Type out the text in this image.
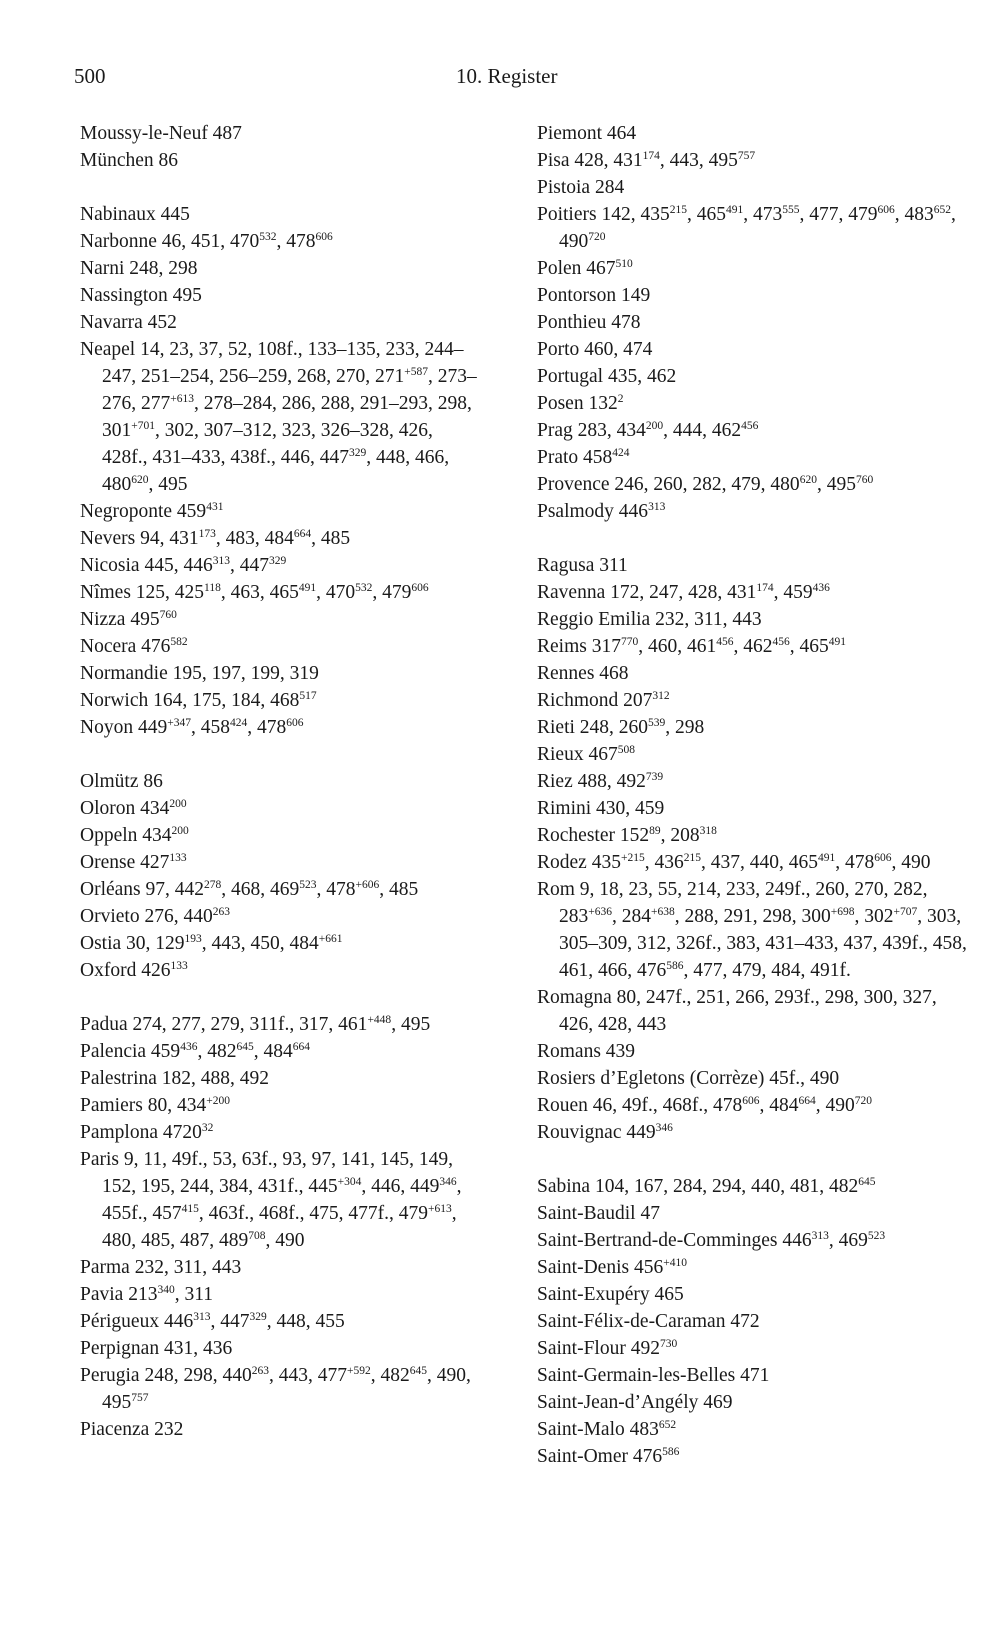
500	10. Register
Moussy-le-Neuf 487
München 86
Nabinaux 445
Narbonne 46, 451, $470^{532}$, $478^{606}$
Narni 248, 298
Nassington 495
Navarra 452
Neapel 14, 23, 37, 52, 108f., 133–135, 233, 244–247, 251–254, 256–259, 268, 270, $271^{+587}$, 273–276, $277^{+613}$, 278–284, 286, 288, 291–293, 298, $301^{+701}$, 302, 307–312, 323, 326–328, 426, 428f., 431–433, 438f., 446, $447^{329}$, 448, 466, $480^{620}$, 495
Negroponte $459^{431}$
Nevers 94, $431^{173}$, 483, $484^{664}$, 485
Nicosia 445, $446^{313}$, $447^{329}$
Nîmes 125, $425^{118}$, 463, $465^{491}$, $470^{532}$, $479^{606}$
Nizza $495^{760}$
Nocera $476^{582}$
Normandie 195, 197, 199, 319
Norwich 164, 175, 184, $468^{517}$
Noyon $449^{+347}$, $458^{424}$, $478^{606}$
Olmütz 86
Oloron $434^{200}$
Oppeln $434^{200}$
Orense $427^{133}$
Orléans 97, $442^{278}$, 468, $469^{523}$, $478^{+606}$, 485
Orvieto 276, $440^{263}$
Ostia 30, $129^{193}$, 443, 450, $484^{+661}$
Oxford $426^{133}$
Padua 274, 277, 279, 311f., 317, $461^{+448}$, 495
Palencia $459^{436}$, $482^{645}$, $484^{664}$
Palestrina 182, 488, 492
Pamiers 80, $434^{+200}$
Pamplona 4720$^{32}$
Paris 9, 11, 49f., 53, 63f., 93, 97, 141, 145, 149, 152, 195, 244, 384, 431f., $445^{+304}$, 446, $449^{346}$, 455f., $457^{415}$, 463f., 468f., 475, 477f., $479^{+613}$, 480, 485, 487, $489^{708}$, 490
Parma 232, 311, 443
Pavia $213^{340}$, 311
Périgueux $446^{313}$, $447^{329}$, 448, 455
Perpignan 431, 436
Perugia 248, 298, $440^{263}$, 443, $477^{+592}$, $482^{645}$, 490, $495^{757}$
Piacenza 232
Piemont 464
Pisa 428, $431^{174}$, 443, $495^{757}$
Pistoia 284
Poitiers 142, $435^{215}$, $465^{491}$, $473^{555}$, 477, $479^{606}$, $483^{652}$, $490^{720}$
Polen $467^{510}$
Pontorson 149
Ponthieu 478
Porto 460, 474
Portugal 435, 462
Posen $132^2$
Prag 283, $434^{200}$, 444, $462^{456}$
Prato $458^{424}$
Provence 246, 260, 282, 479, $480^{620}$, $495^{760}$
Psalmody $446^{313}$
Ragusa 311
Ravenna 172, 247, 428, $431^{174}$, $459^{436}$
Reggio Emilia 232, 311, 443
Reims $317^{770}$, 460, $461^{456}$, $462^{456}$, $465^{491}$
Rennes 468
Richmond $207^{312}$
Rieti 248, $260^{539}$, 298
Rieux $467^{508}$
Riez 488, $492^{739}$
Rimini 430, 459
Rochester $152^{89}$, $208^{318}$
Rodez $435^{+215}$, $436^{215}$, 437, 440, $465^{491}$, $478^{606}$, 490
Rom 9, 18, 23, 55, 214, 233, 249f., 260, 270, 282, $283^{+636}$, $284^{+638}$, 288, 291, 298, $300^{+698}$, $302^{+707}$, 303, 305–309, 312, 326f., 383, 431–433, 437, 439f., 458, 461, 466, $476^{586}$, 477, 479, 484, 491f.
Romagna 80, 247f., 251, 266, 293f., 298, 300, 327, 426, 428, 443
Romans 439
Rosiers d’Egletons (Corrèze) 45f., 490
Rouen 46, 49f., 468f., $478^{606}$, $484^{664}$, $490^{720}$
Rouvignac $449^{346}$
Sabina 104, 167, 284, 294, 440, 481, $482^{645}$
Saint-Baudil 47
Saint-Bertrand-de-Comminges $446^{313}$, $469^{523}$
Saint-Denis $456^{+410}$
Saint-Exupéry 465
Saint-Félix-de-Caraman 472
Saint-Flour $492^{730}$
Saint-Germain-les-Belles 471
Saint-Jean-d’Angély 469
Saint-Malo $483^{652}$
Saint-Omer $476^{586}$
